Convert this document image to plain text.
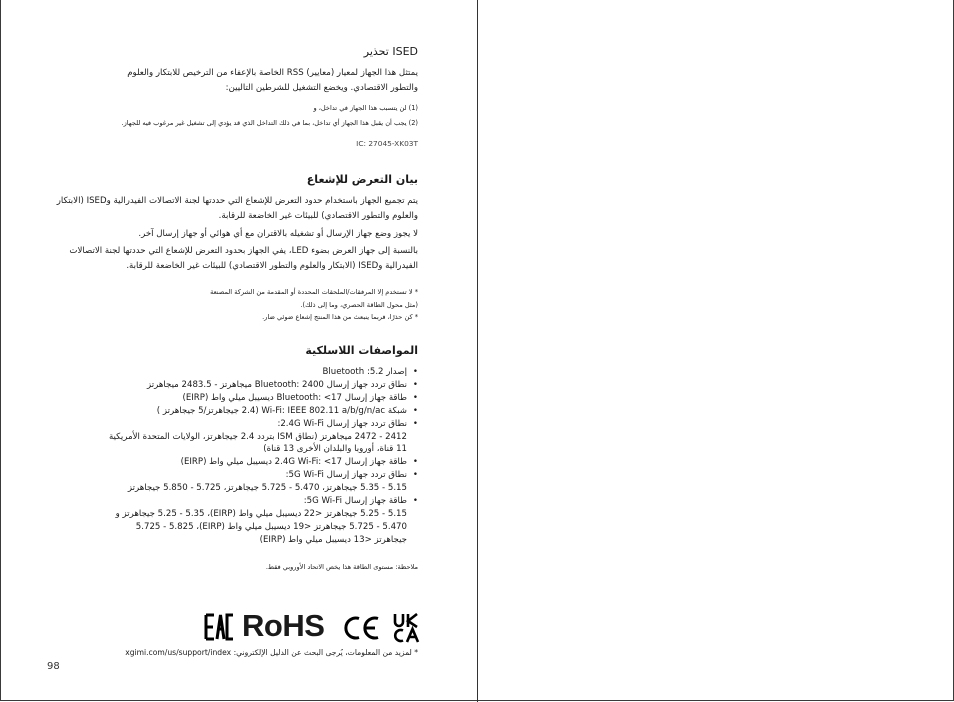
ISED تحذير
يمتثل هذا الجهاز لمعيار (معايير) RSS الخاصة بالإعفاء من الترخيص للابتكار والعلوم
والتطور الاقتصادي. ويخضع التشغيل للشرطين التاليين:
(1) لن يتسبب هذا الجهاز في تداخل، و
(2) يجب أن يقبل هذا الجهاز أي تداخل، بما في ذلك التداخل الذي قد يؤدي إلى تشغيل غير مرغوب فيه للجهاز.
IC: 27045-XK03T
بيان التعرض للإشعاع
يتم تجميع الجهاز باستخدام حدود التعرض للإشعاع التي حددتها لجنة الاتصالات الفيدرالية وISED (الابتكار
والعلوم والتطور الاقتصادي) للبيئات غير الخاضعة للرقابة.
لا يجوز وضع جهاز الإرسال أو تشغيله بالاقتران مع أي هوائي أو جهاز إرسال آخر.
بالنسبة إلى جهاز العرض بضوء LED، يفي الجهاز بحدود التعرض للإشعاع التي حددتها لجنة الاتصالات
الفيدرالية وISED (الابتكار والعلوم والتطور الاقتصادي) للبيئات غير الخاضعة للرقابة.
* لا تستخدم إلا المرفقات/الملحقات المحددة أو المقدمة من الشركة المصنعة
(مثل محول الطاقة الحصري، وما إلى ذلك).
* كن حذرًا، فربما ينبعث من هذا المنتج إشعاع ضوئي ضار.
المواصفات اللاسلكية
•
إصدار Bluetooth :5.2
•
نطاق تردد جهاز إرسال Bluetooth: 2400 ميجاهرتز - 2483.5 ميجاهرتز
•
طاقة جهاز إرسال Bluetooth: <17 ديسيبل ميلي واط (EIRP)
•
شبكة Wi-Fi: IEEE 802.11 a/b/g/n/ac (2.4 جيجاهرتز/5 جيجاهرتز )
•
نطاق تردد جهاز إرسال 2.4G Wi-Fi:
2412 - 2472 ميجاهرتز (نطاق ISM بتردد 2.4 جيجاهرتز، الولايات المتحدة الأمريكية
11 قناة، أوروبا والبلدان الأخرى 13 قناة)
•
طاقة جهاز إرسال 2.4G Wi-Fi: <17 ديسيبل ميلي واط (EIRP)
•
نطاق تردد جهاز إرسال 5G Wi-Fi:
5.15 - 5.35 جيجاهرتز، 5.470 - 5.725 جيجاهرتز، 5.725 - 5.850 جيجاهرتز
•
طاقة جهاز إرسال 5G Wi-Fi:
5.15 - 5.25 جيجاهرتز <22 ديسيبل ميلي واط (EIRP)، 5.25 - 5.35 جيجاهرتز و
5.470 - 5.725 جيجاهرتز <19 ديسيبل ميلي واط (EIRP)، 5.725 - 5.825
جيجاهرتز <13 ديسيبل ميلي واط (EIRP)
ملاحظة: مستوى الطاقة هذا يخص الاتحاد الأوروبي فقط.
RoHS
* لمزيد من المعلومات، يُرجى البحث عن الدليل الإلكتروني: xgimi.com/us/support/index
98
